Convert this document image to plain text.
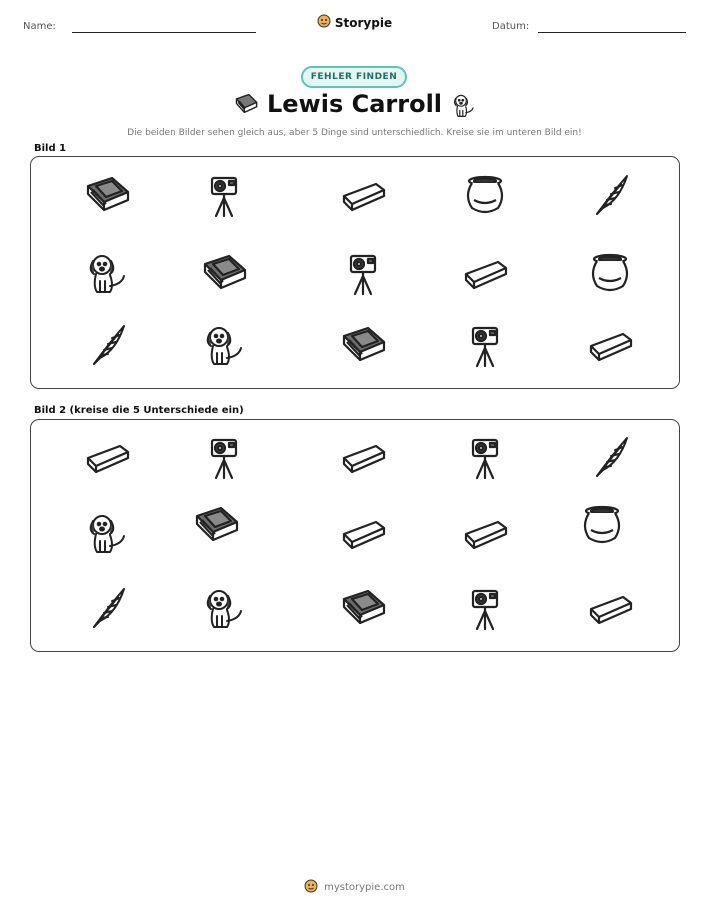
Name:	Datum:
Storypie
FEHLER FINDEN
Lewis Carroll
Die beiden Bilder sehen gleich aus, aber 5 Dinge sind unterschiedlich. Kreise sie im unteren Bild ein!
Bild 1
Bild 2 (kreise die 5 Unterschiede ein)
mystorypie.com
